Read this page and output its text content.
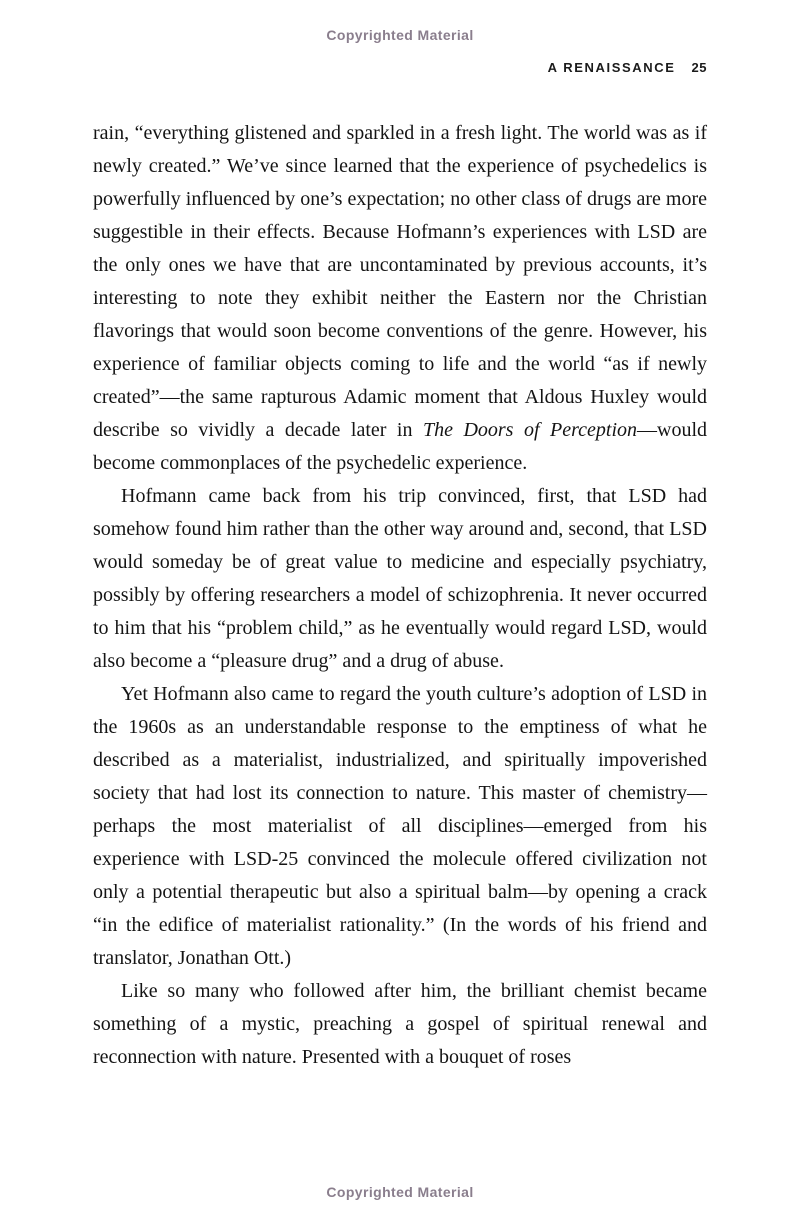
Copyrighted Material
A RENAISSANCE 25

rain, “everything glistened and sparkled in a fresh light. The world was as if newly created.” We’ve since learned that the experience of psychedelics is powerfully influenced by one’s expectation; no other class of drugs are more suggestible in their effects. Because Hofmann’s experiences with LSD are the only ones we have that are uncontaminated by previous accounts, it’s interesting to note they exhibit neither the Eastern nor the Christian flavorings that would soon become conventions of the genre. However, his experience of familiar objects coming to life and the world “as if newly created”—the same rapturous Adamic moment that Aldous Huxley would describe so vividly a decade later in The Doors of Perception—would become commonplaces of the psychedelic experience.

Hofmann came back from his trip convinced, first, that LSD had somehow found him rather than the other way around and, second, that LSD would someday be of great value to medicine and especially psychiatry, possibly by offering researchers a model of schizophrenia. It never occurred to him that his “problem child,” as he eventually would regard LSD, would also become a “pleasure drug” and a drug of abuse.

Yet Hofmann also came to regard the youth culture’s adoption of LSD in the 1960s as an understandable response to the emptiness of what he described as a materialist, industrialized, and spiritually impoverished society that had lost its connection to nature. This master of chemistry—perhaps the most materialist of all disciplines—emerged from his experience with LSD-25 convinced the molecule offered civilization not only a potential therapeutic but also a spiritual balm—by opening a crack “in the edifice of materialist rationality.” (In the words of his friend and translator, Jonathan Ott.)

Like so many who followed after him, the brilliant chemist became something of a mystic, preaching a gospel of spiritual renewal and reconnection with nature. Presented with a bouquet of roses

Copyrighted Material
